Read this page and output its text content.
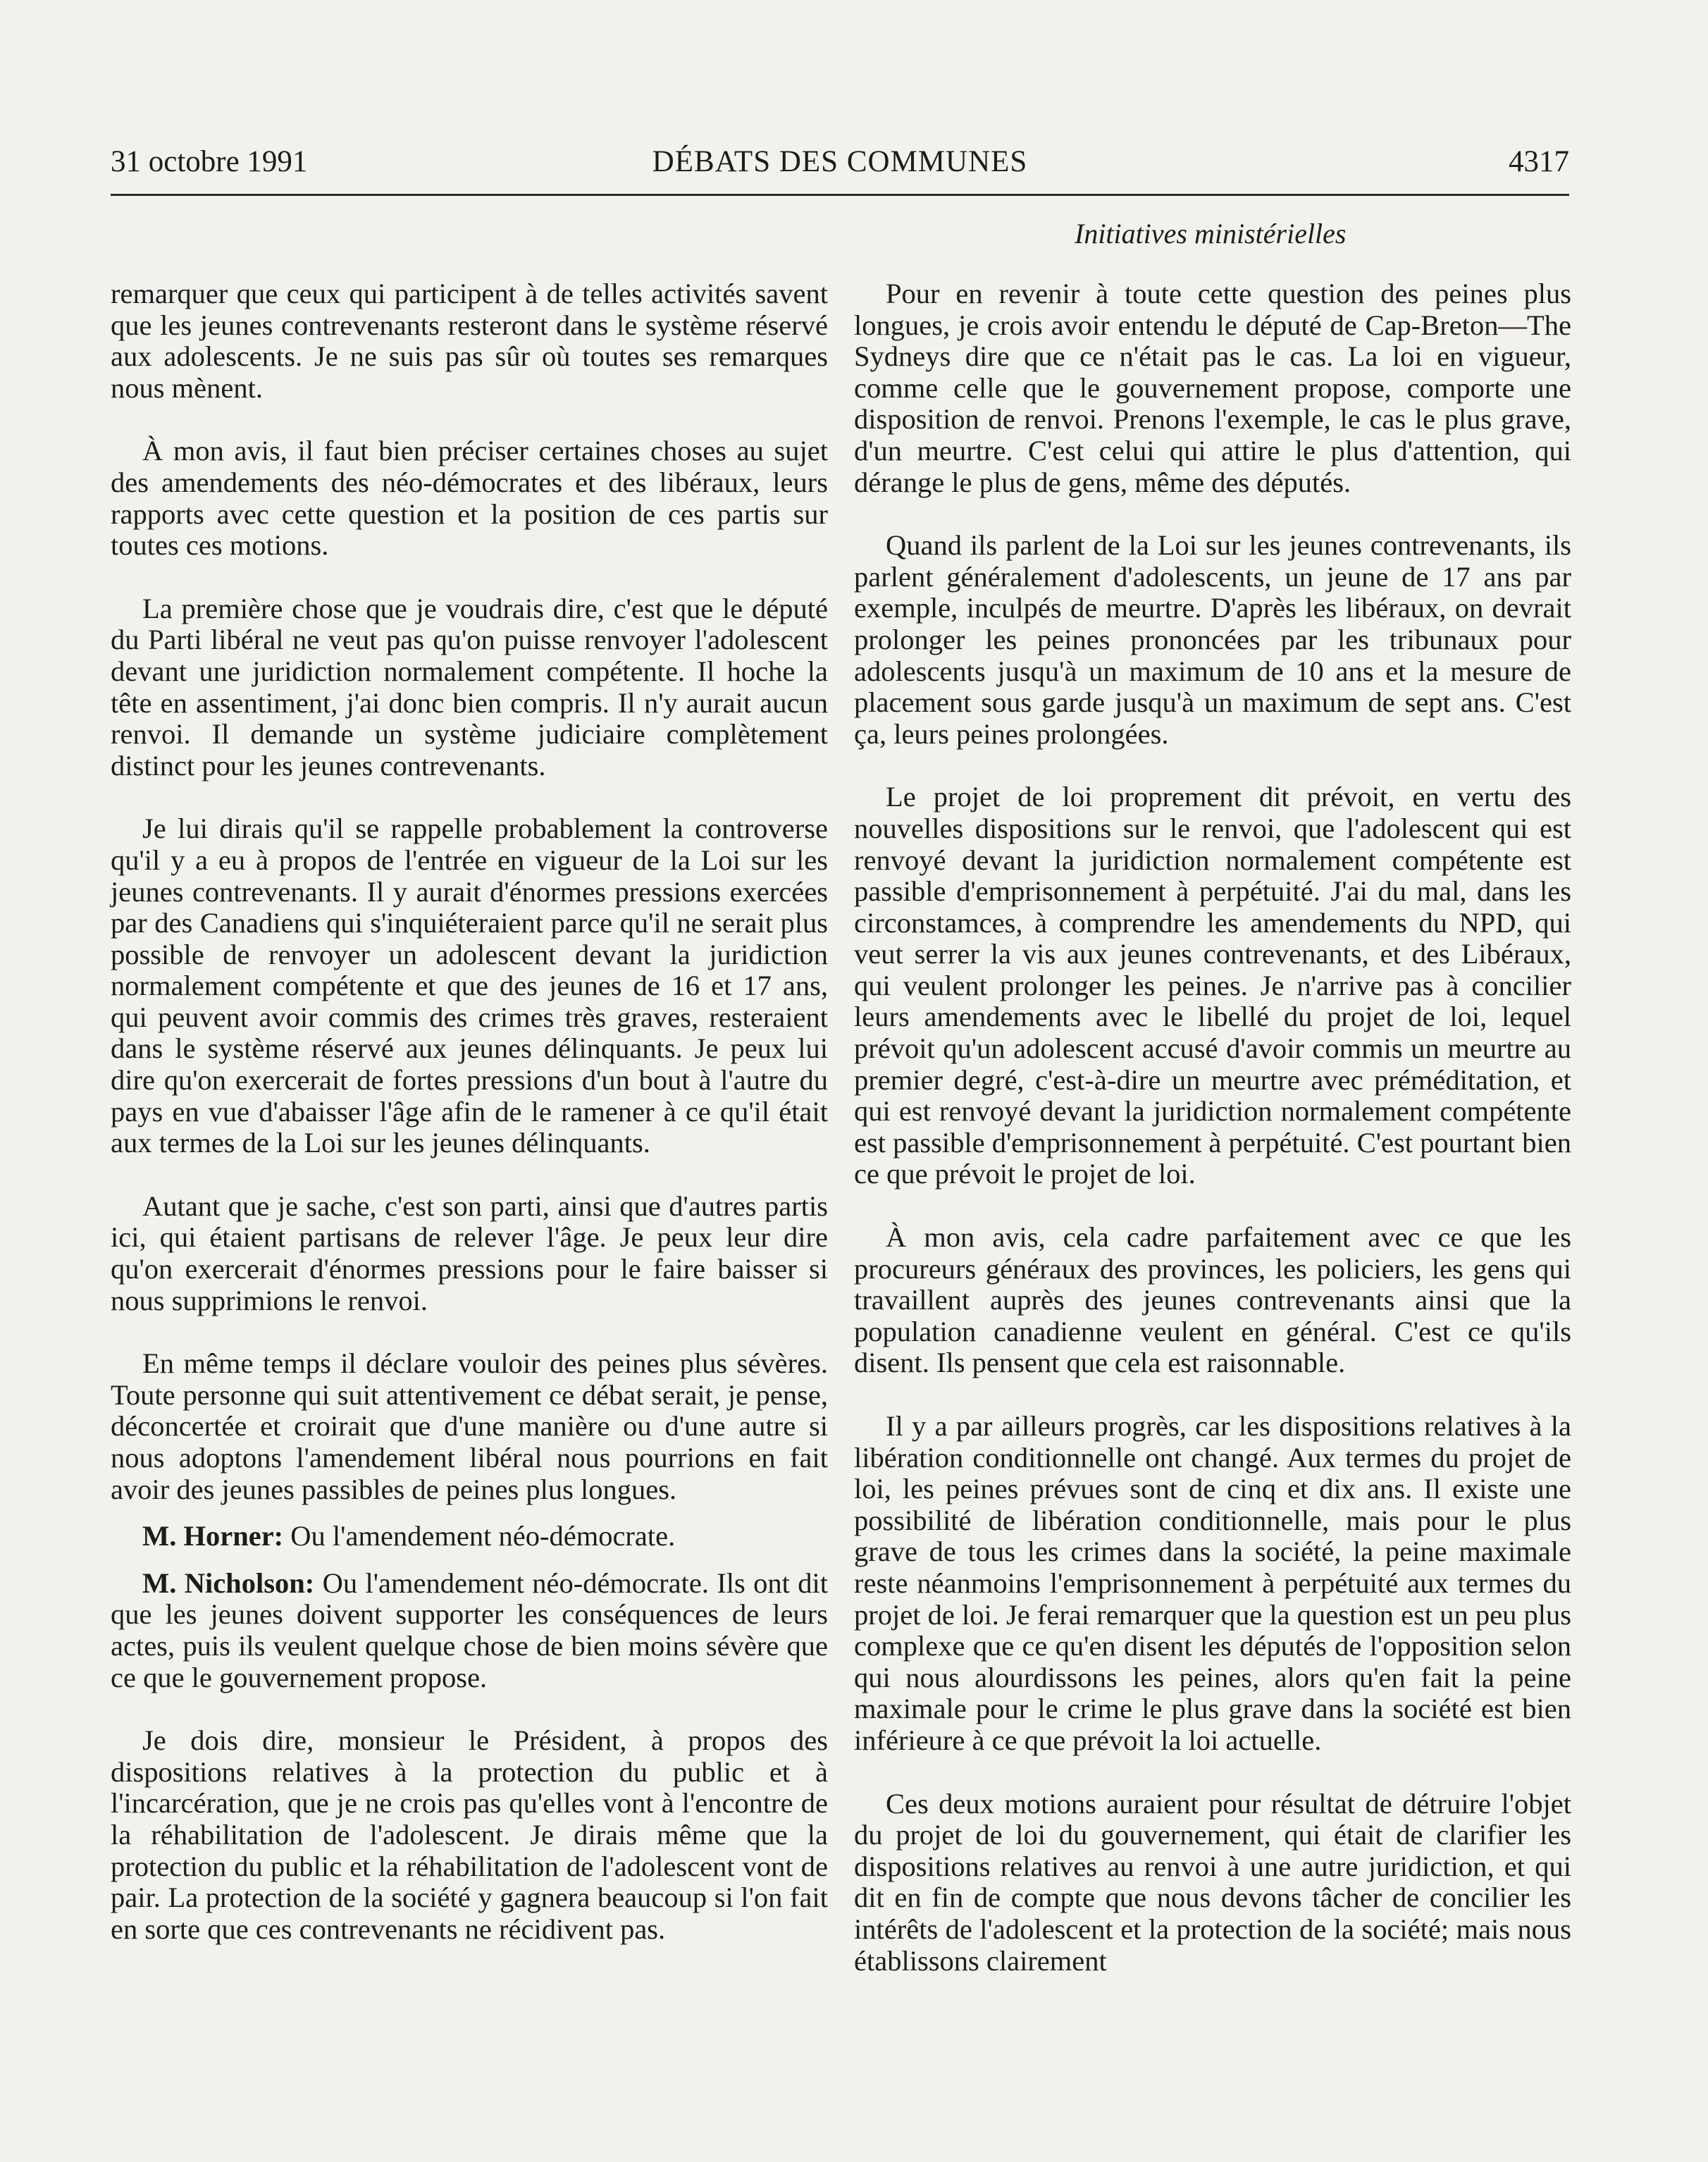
31 octobre 1991	DÉBATS DES COMMUNES	4317
Initiatives ministérielles

remarquer que ceux qui participent à de telles activités savent que les jeunes contrevenants resteront dans le système réservé aux adolescents. Je ne suis pas sûr où toutes ses remarques nous mènent.

À mon avis, il faut bien préciser certaines choses au sujet des amendements des néo-démocrates et des libéraux, leurs rapports avec cette question et la position de ces partis sur toutes ces motions.

La première chose que je voudrais dire, c'est que le député du Parti libéral ne veut pas qu'on puisse renvoyer l'adolescent devant une juridiction normalement compétente. Il hoche la tête en assentiment, j'ai donc bien compris. Il n'y aurait aucun renvoi. Il demande un système judiciaire complètement distinct pour les jeunes contrevenants.

Je lui dirais qu'il se rappelle probablement la controverse qu'il y a eu à propos de l'entrée en vigueur de la Loi sur les jeunes contrevenants. Il y aurait d'énormes pressions exercées par des Canadiens qui s'inquiéteraient parce qu'il ne serait plus possible de renvoyer un adolescent devant la juridiction normalement compétente et que des jeunes de 16 et 17 ans, qui peuvent avoir commis des crimes très graves, resteraient dans le système réservé aux jeunes délinquants. Je peux lui dire qu'on exercerait de fortes pressions d'un bout à l'autre du pays en vue d'abaisser l'âge afin de le ramener à ce qu'il était aux termes de la Loi sur les jeunes délinquants.

Autant que je sache, c'est son parti, ainsi que d'autres partis ici, qui étaient partisans de relever l'âge. Je peux leur dire qu'on exercerait d'énormes pressions pour le faire baisser si nous supprimions le renvoi.

En même temps il déclare vouloir des peines plus sévères. Toute personne qui suit attentivement ce débat serait, je pense, déconcertée et croirait que d'une manière ou d'une autre si nous adoptons l'amendement libéral nous pourrions en fait avoir des jeunes passibles de peines plus longues.

M. Horner: Ou l'amendement néo-démocrate.

M. Nicholson: Ou l'amendement néo-démocrate. Ils ont dit que les jeunes doivent supporter les conséquences de leurs actes, puis ils veulent quelque chose de bien moins sévère que ce que le gouvernement propose.

Je dois dire, monsieur le Président, à propos des dispositions relatives à la protection du public et à l'incarcération, que je ne crois pas qu'elles vont à l'encontre de la réhabilitation de l'adolescent. Je dirais même que la protection du public et la réhabilitation de l'adolescent vont de pair. La protection de la société y gagnera beaucoup si l'on fait en sorte que ces contrevenants ne récidivent pas.

Pour en revenir à toute cette question des peines plus longues, je crois avoir entendu le député de Cap-Breton—The Sydneys dire que ce n'était pas le cas. La loi en vigueur, comme celle que le gouvernement propose, comporte une disposition de renvoi. Prenons l'exemple, le cas le plus grave, d'un meurtre. C'est celui qui attire le plus d'attention, qui dérange le plus de gens, même des députés.

Quand ils parlent de la Loi sur les jeunes contrevenants, ils parlent généralement d'adolescents, un jeune de 17 ans par exemple, inculpés de meurtre. D'après les libéraux, on devrait prolonger les peines prononcées par les tribunaux pour adolescents jusqu'à un maximum de 10 ans et la mesure de placement sous garde jusqu'à un maximum de sept ans. C'est ça, leurs peines prolongées.

Le projet de loi proprement dit prévoit, en vertu des nouvelles dispositions sur le renvoi, que l'adolescent qui est renvoyé devant la juridiction normalement compétente est passible d'emprisonnement à perpétuité. J'ai du mal, dans les circonstamces, à comprendre les amendements du NPD, qui veut serrer la vis aux jeunes contrevenants, et des Libéraux, qui veulent prolonger les peines. Je n'arrive pas à concilier leurs amendements avec le libellé du projet de loi, lequel prévoit qu'un adolescent accusé d'avoir commis un meurtre au premier degré, c'est-à-dire un meurtre avec préméditation, et qui est renvoyé devant la juridiction normalement compétente est passible d'emprisonnement à perpétuité. C'est pourtant bien ce que prévoit le projet de loi.

À mon avis, cela cadre parfaitement avec ce que les procureurs généraux des provinces, les policiers, les gens qui travaillent auprès des jeunes contrevenants ainsi que la population canadienne veulent en général. C'est ce qu'ils disent. Ils pensent que cela est raisonnable.

Il y a par ailleurs progrès, car les dispositions relatives à la libération conditionnelle ont changé. Aux termes du projet de loi, les peines prévues sont de cinq et dix ans. Il existe une possibilité de libération conditionnelle, mais pour le plus grave de tous les crimes dans la société, la peine maximale reste néanmoins l'emprisonnement à perpétuité aux termes du projet de loi. Je ferai remarquer que la question est un peu plus complexe que ce qu'en disent les députés de l'opposition selon qui nous alourdissons les peines, alors qu'en fait la peine maximale pour le crime le plus grave dans la société est bien inférieure à ce que prévoit la loi actuelle.

Ces deux motions auraient pour résultat de détruire l'objet du projet de loi du gouvernement, qui était de clarifier les dispositions relatives au renvoi à une autre juridiction, et qui dit en fin de compte que nous devons tâcher de concilier les intérêts de l'adolescent et la protection de la société; mais nous établissons clairement
